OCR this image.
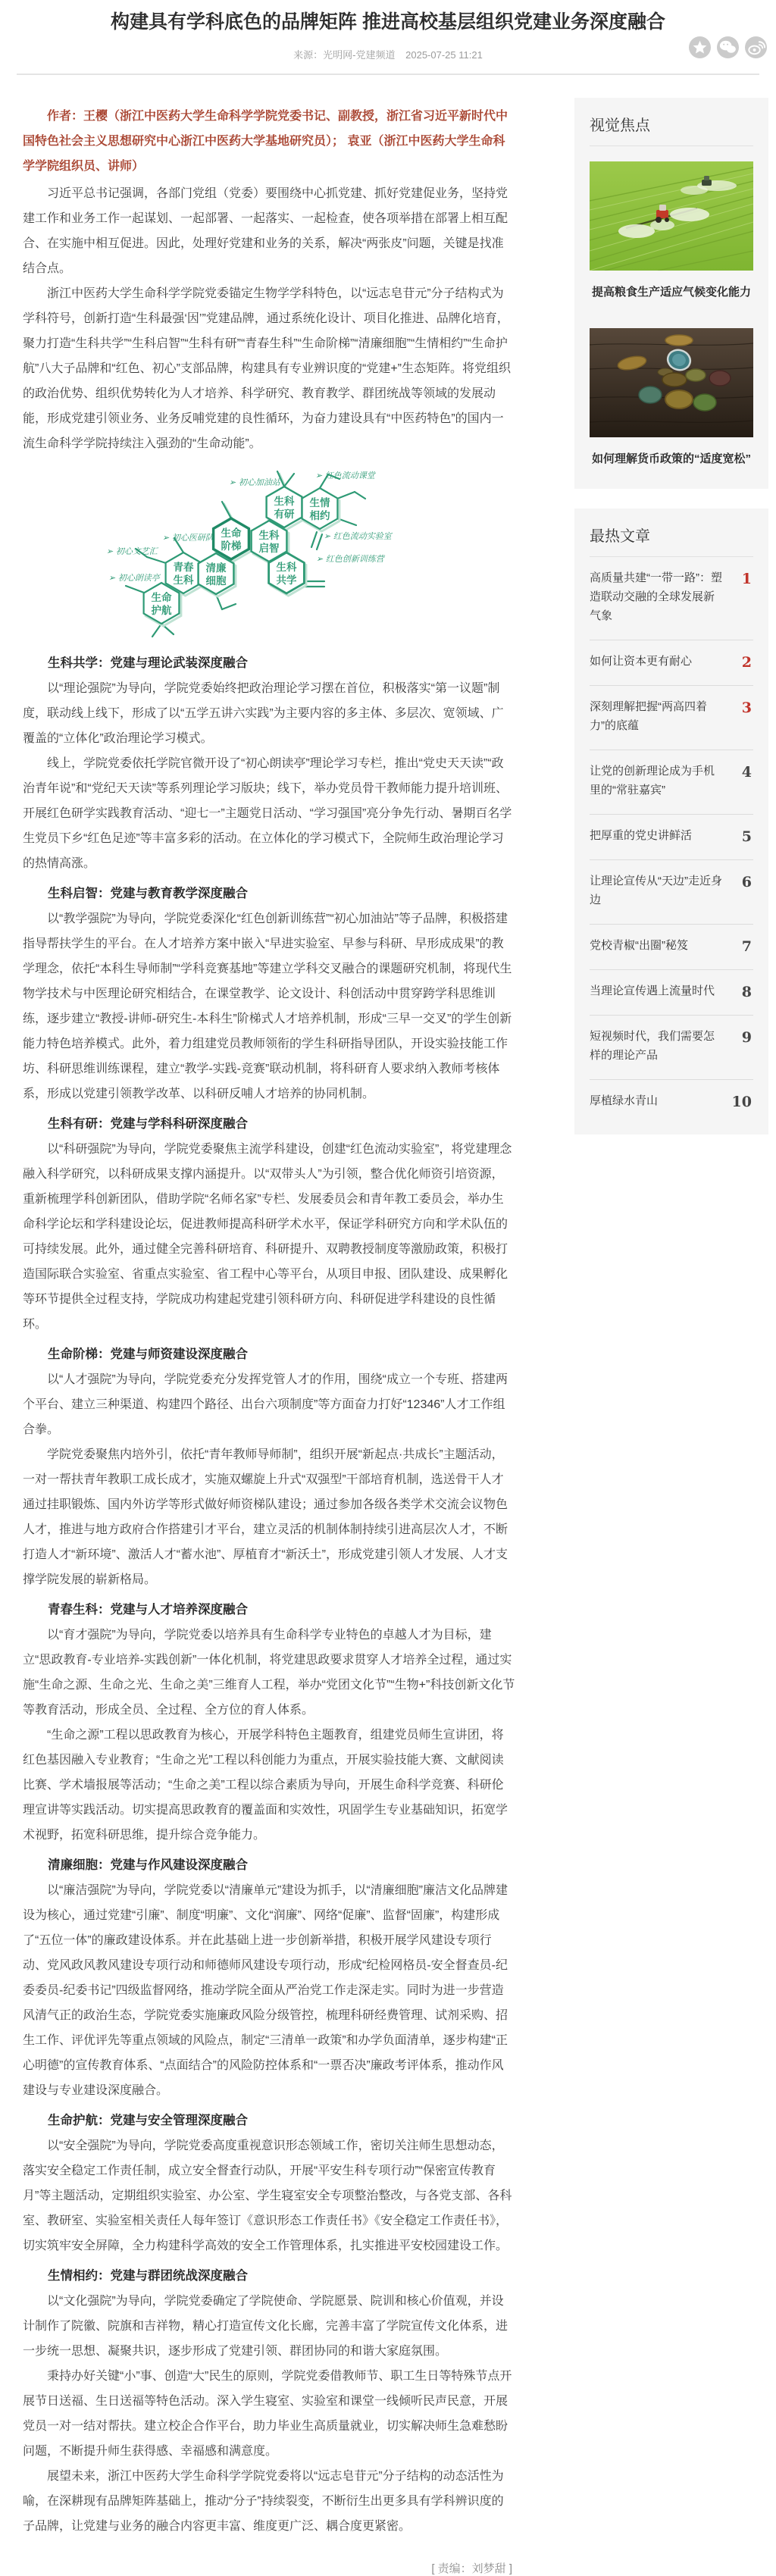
构建具有学科底色的品牌矩阵 推进高校基层组织党建业务深度融合
来源：光明网-党建频道 2025-07-25 11:21

作者：王樱（浙江中医药大学生命科学学院党委书记、副教授，浙江省习近平新时代中国特色社会主义思想研究中心浙江中医药大学基地研究员）； 袁亚（浙江中医药大学生命科学学院组织员、讲师）

习近平总书记强调，各部门党组（党委）要围绕中心抓党建、抓好党建促业务，坚持党建工作和业务工作一起谋划、一起部署、一起落实、一起检查，使各项举措在部署上相互配合、在实施中相互促进。因此，处理好党建和业务的关系，解决“两张皮”问题，关键是找准结合点。

浙江中医药大学生命科学学院党委锚定生物学学科特色，以“远志皂苷元”分子结构式为学科符号，创新打造“生科最强‘因’”党建品牌，通过系统化设计、项目化推进、品牌化培育，聚力打造“生科共学”“生科启智”“生科有研”“青春生科”“生命阶梯”“清廉细胞”“生情相约”“生命护航”八大子品牌和“红色、初心”支部品牌，构建具有专业辨识度的“党建+”生态矩阵。将党组织的政治优势、组织优势转化为人才培养、科学研究、教育教学、群团统战等领域的发展动能，形成党建引领业务、业务反哺党建的良性循环，为奋力建设具有“中医药特色”的国内一流生命科学学院持续注入强劲的“生命动能”。

生科
有研
生情
相约
生命
阶梯
生科
启智
青春
生科
清廉
细胞
生科
共学
生命
护航
➢ 初心加油站
➢ 红色流动课堂
➢ 初心医研队	➢ 红色流动实验室
➢ 初心文艺汇
➢ 红色创新训练营
➢ 初心朗读亭
生科共学：党建与理论武装深度融合

以“理论强院”为导向，学院党委始终把政治理论学习摆在首位，积极落实“第一议题”制度，联动线上线下，形成了以“五学五讲六实践”为主要内容的多主体、多层次、宽领域、广覆盖的“立体化”政治理论学习模式。

线上，学院党委依托学院官微开设了“初心朗读亭”理论学习专栏，推出“党史天天读”“政治青年说”和“党纪天天读”等系列理论学习版块；线下，举办党员骨干教师能力提升培训班、开展红色研学实践教育活动、“迎七一”主题党日活动、“学习强国”亮分争先行动、暑期百名学生党员下乡“红色足迹”等丰富多彩的活动。在立体化的学习模式下，全院师生政治理论学习的热情高涨。

生科启智：党建与教育教学深度融合

以“教学强院”为导向，学院党委深化“红色创新训练营”“初心加油站”等子品牌，积极搭建指导帮扶学生的平台。在人才培养方案中嵌入“早进实验室、早参与科研、早形成成果”的教学理念，依托“本科生导师制”“学科竞赛基地”等建立学科交叉融合的课题研究机制，将现代生物学技术与中医理论研究相结合，在课堂教学、论文设计、科创活动中贯穿跨学科思维训练，逐步建立“教授-讲师-研究生-本科生”阶梯式人才培养机制，形成“三早一交叉”的学生创新能力特色培养模式。此外，着力组建党员教师领衔的学生科研指导团队，开设实验技能工作坊、科研思维训练课程，建立“教学-实践-竞赛”联动机制，将科研育人要求纳入教师考核体系，形成以党建引领教学改革、以科研反哺人才培养的协同机制。

生科有研：党建与学科科研深度融合

以“科研强院”为导向，学院党委聚焦主流学科建设，创建“红色流动实验室”，将党建理念融入科学研究，以科研成果支撑内涵提升。以“双带头人”为引领，整合优化师资引培资源，重新梳理学科创新团队，借助学院“名师名家”专栏、发展委员会和青年教工委员会，举办生命科学论坛和学科建设论坛，促进教师提高科研学术水平，保证学科研究方向和学术队伍的可持续发展。此外，通过健全完善科研培育、科研提升、双聘教授制度等激励政策，积极打造国际联合实验室、省重点实验室、省工程中心等平台，从项目申报、团队建设、成果孵化等环节提供全过程支持，学院成功构建起党建引领科研方向、科研促进学科建设的良性循环。

生命阶梯：党建与师资建设深度融合

以“人才强院”为导向，学院党委充分发挥党管人才的作用，围绕“成立一个专班、搭建两个平台、建立三种渠道、构建四个路径、出台六项制度”等方面奋力打好“12346”人才工作组合拳。

学院党委聚焦内培外引，依托“青年教师导师制”，组织开展“新起点·共成长”主题活动，一对一帮扶青年教职工成长成才，实施双螺旋上升式“双强型”干部培育机制，选送骨干人才通过挂职锻炼、国内外访学等形式做好师资梯队建设；通过参加各级各类学术交流会议物色人才，推进与地方政府合作搭建引才平台，建立灵活的机制体制持续引进高层次人才，不断打造人才“新环境”、激活人才“蓄水池”、厚植育才“新沃土”，形成党建引领人才发展、人才支撑学院发展的崭新格局。

青春生科：党建与人才培养深度融合

以“育才强院”为导向，学院党委以培养具有生命科学专业特色的卓越人才为目标，建立“思政教育-专业培养-实践创新”一体化机制，将党建思政要求贯穿人才培养全过程，通过实施“生命之源、生命之光、生命之美”三维育人工程，举办“党团文化节”“生物+”科技创新文化节等教育活动，形成全员、全过程、全方位的育人体系。

“生命之源”工程以思政教育为核心，开展学科特色主题教育，组建党员师生宣讲团，将红色基因融入专业教育；“生命之光”工程以科创能力为重点，开展实验技能大赛、文献阅读比赛、学术墙报展等活动；“生命之美”工程以综合素质为导向，开展生命科学竞赛、科研伦理宣讲等实践活动。切实提高思政教育的覆盖面和实效性，巩固学生专业基础知识，拓宽学术视野，拓宽科研思维，提升综合竞争能力。

清廉细胞：党建与作风建设深度融合

以“廉洁强院”为导向，学院党委以“清廉单元”建设为抓手，以“清廉细胞”廉洁文化品牌建设为核心，通过党建“引廉”、制度“明廉”、文化“润廉”、网络“促廉”、监督“固廉”，构建形成了“五位一体”的廉政建设体系。并在此基础上进一步创新举措，积极开展学风建设专项行动、党风政风教风建设专项行动和师德师风建设专项行动，形成“纪检网格员-安全督查员-纪委委员-纪委书记”四级监督网络，推动学院全面从严治党工作走深走实。同时为进一步营造风清气正的政治生态，学院党委实施廉政风险分级管控，梳理科研经费管理、试剂采购、招生工作、评优评先等重点领域的风险点，制定“三清单一政策”和办学负面清单，逐步构建“正心明德”的宣传教育体系、“点面结合”的风险防控体系和“一票否决”廉政考评体系，推动作风建设与专业建设深度融合。

生命护航：党建与安全管理深度融合

以“安全强院”为导向，学院党委高度重视意识形态领域工作，密切关注师生思想动态，落实安全稳定工作责任制，成立安全督查行动队，开展“平安生科专项行动”“保密宣传教育月”等主题活动，定期组织实验室、办公室、学生寝室安全专项整治整改，与各党支部、各科室、教研室、实验室相关责任人每年签订《意识形态工作责任书》《安全稳定工作责任书》，切实筑牢安全屏障，全力构建科学高效的安全工作管理体系，扎实推进平安校园建设工作。

生情相约：党建与群团统战深度融合

以“文化强院”为导向，学院党委确定了学院使命、学院愿景、院训和核心价值观，并设计制作了院徽、院旗和吉祥物，精心打造宣传文化长廊，完善丰富了学院宣传文化体系，进一步统一思想、凝聚共识，逐步形成了党建引领、群团协同的和谐大家庭氛围。

秉持办好关键“小”事、创造“大”民生的原则，学院党委借教师节、职工生日等特殊节点开展节日送福、生日送福等特色活动。深入学生寝室、实验室和课堂一线倾听民声民意，开展党员一对一结对帮扶。建立校企合作平台，助力毕业生高质量就业，切实解决师生急难愁盼问题，不断提升师生获得感、幸福感和满意度。

展望未来，浙江中医药大学生命科学学院党委将以“远志皂苷元”分子结构的动态活性为喻，在深耕现有品牌矩阵基础上，推动“分子”持续裂变，不断衍生出更多具有学科辨识度的子品牌，让党建与业务的融合内容更丰富、维度更广泛、耦合度更紧密。

[ 责编：刘梦甜 ]
视觉焦点
提高粮食生产适应气候变化能力
如何理解货币政策的“适度宽松”
最热文章
高质量共建“一带一路”：塑造联动交融的全球发展新气象
1
如何让资本更有耐心	2
深刻理解把握“两高四着力”的底蕴
3
让党的创新理论成为手机里的“常驻嘉宾”
4
把厚重的党史讲鲜活	5
让理论宣传从“天边”走近身边
6
党校青椒“出圈”秘笈	7
当理论宣传遇上流量时代	8
短视频时代，我们需要怎样的理论产品
9
厚植绿水青山	10
